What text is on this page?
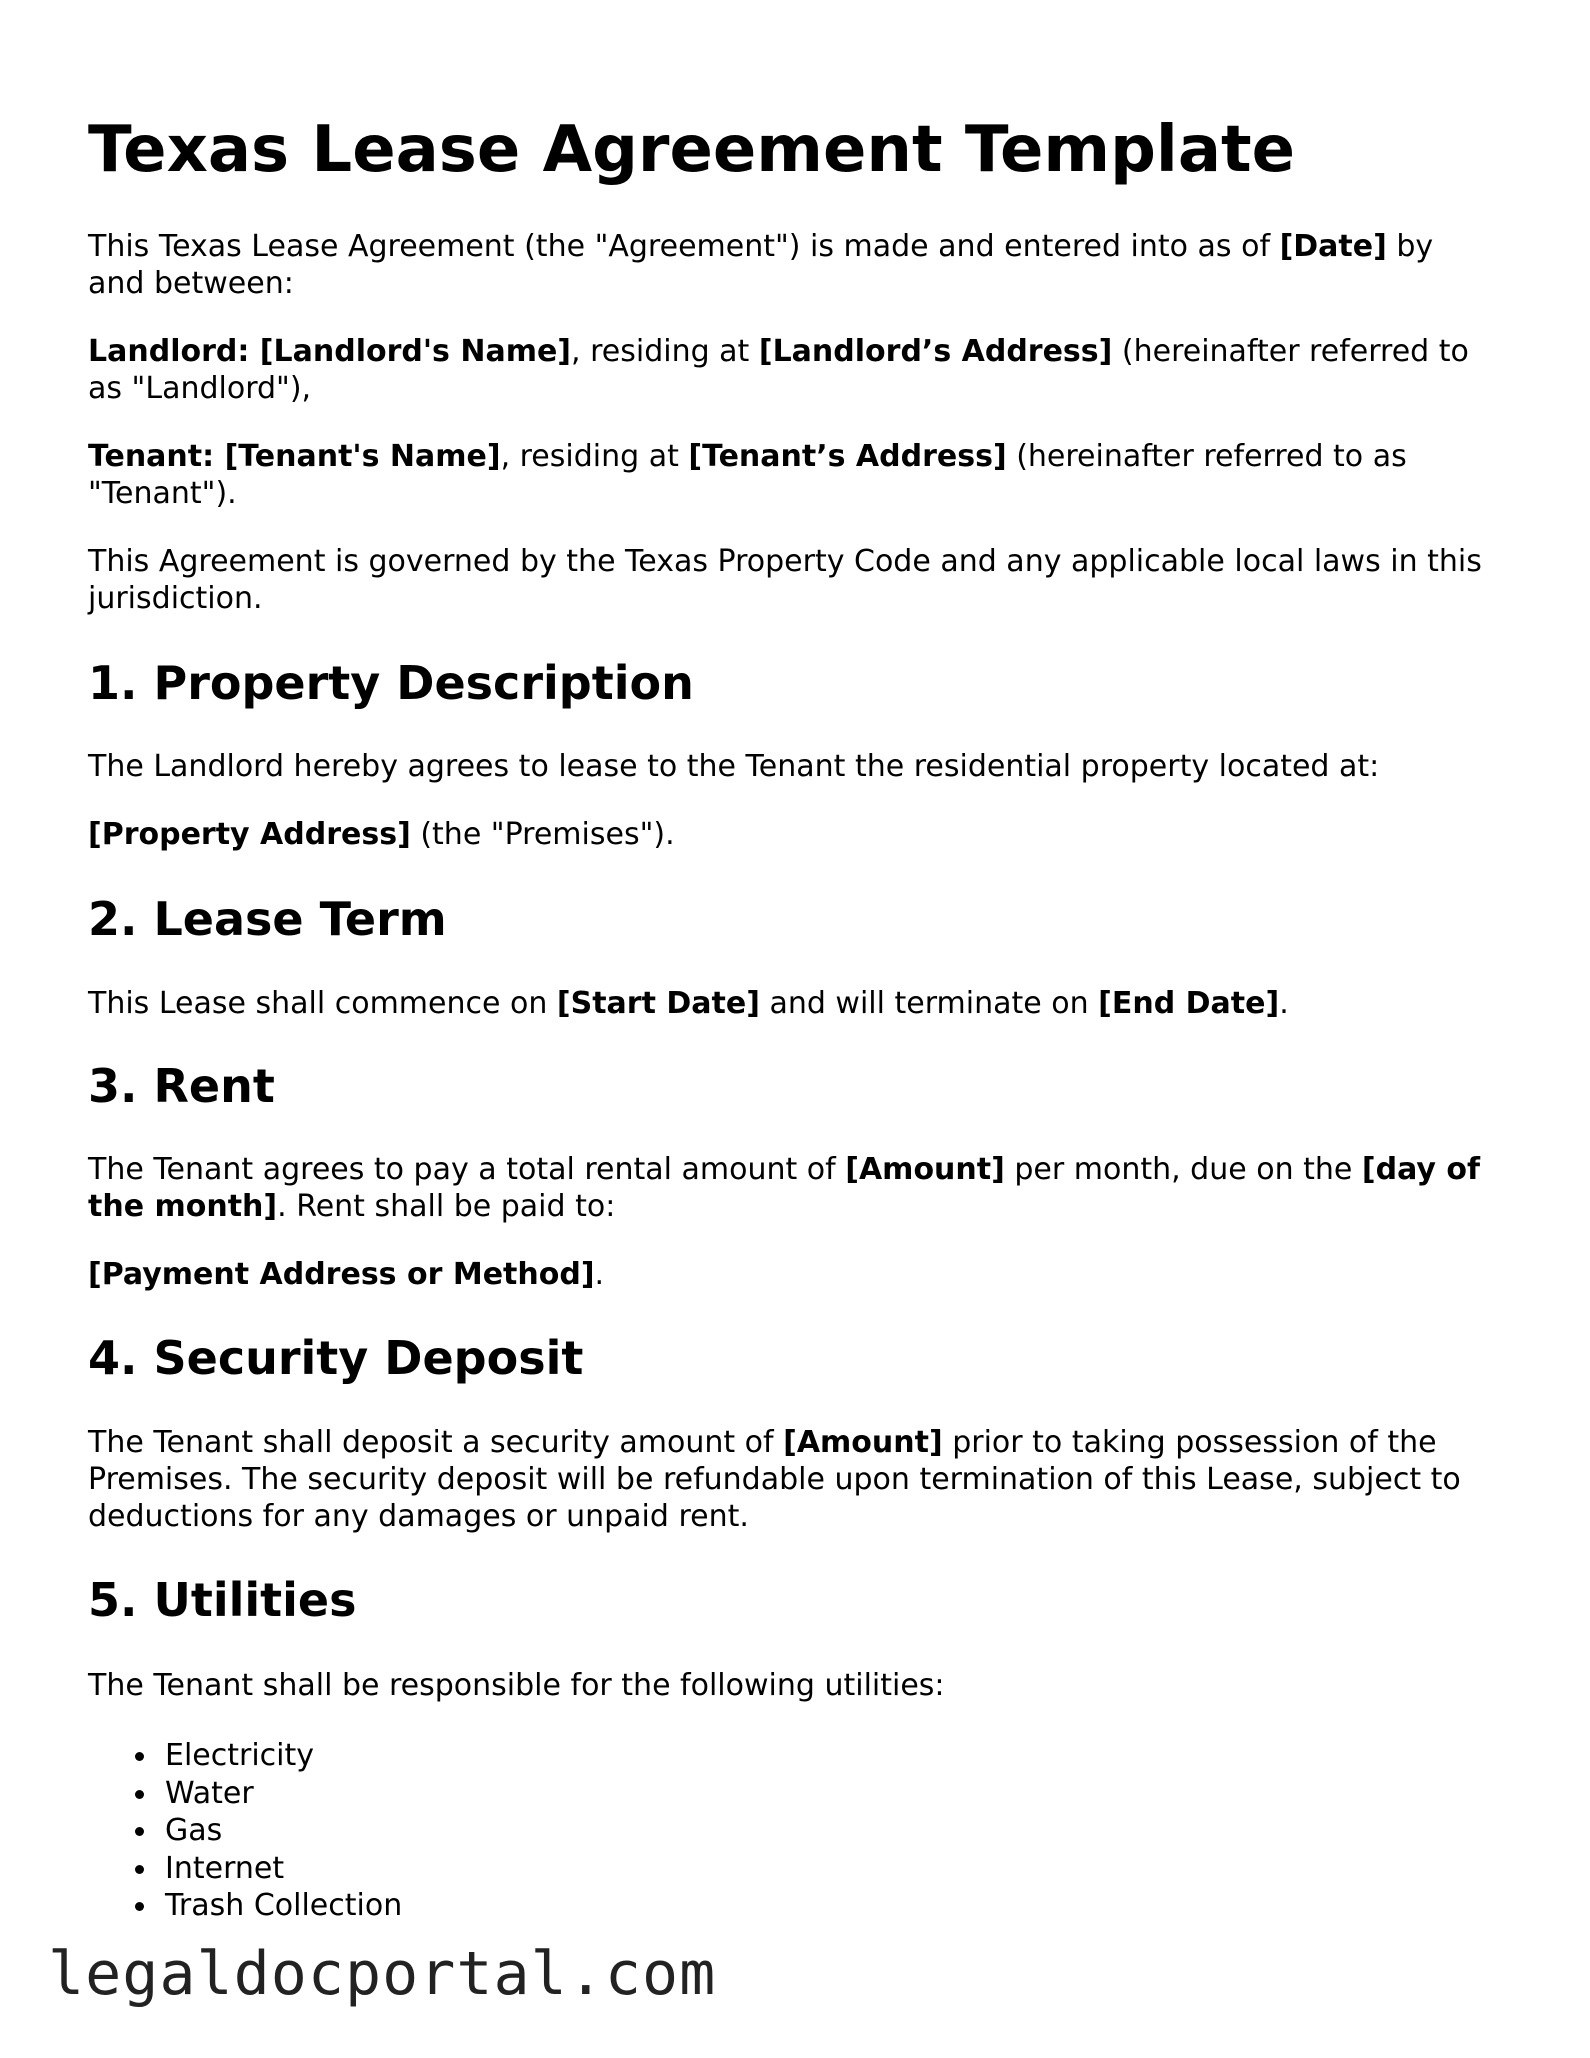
Texas Lease Agreement Template

This Texas Lease Agreement (the "Agreement") is made and entered into as of [Date] by and between:

Landlord: [Landlord's Name], residing at [Landlord’s Address] (hereinafter referred to as "Landlord"),

Tenant: [Tenant's Name], residing at [Tenant’s Address] (hereinafter referred to as "Tenant").

This Agreement is governed by the Texas Property Code and any applicable local laws in this jurisdiction.

1. Property Description

The Landlord hereby agrees to lease to the Tenant the residential property located at:

[Property Address] (the "Premises").

2. Lease Term

This Lease shall commence on [Start Date] and will terminate on [End Date].

3. Rent

The Tenant agrees to pay a total rental amount of [Amount] per month, due on the [day of the month]. Rent shall be paid to:

[Payment Address or Method].

4. Security Deposit

The Tenant shall deposit a security amount of [Amount] prior to taking possession of the Premises. The security deposit will be refundable upon termination of this Lease, subject to deductions for any damages or unpaid rent.

5. Utilities

The Tenant shall be responsible for the following utilities:

Electricity
Water
Gas
Internet
Trash Collection
legaldocportal.com
